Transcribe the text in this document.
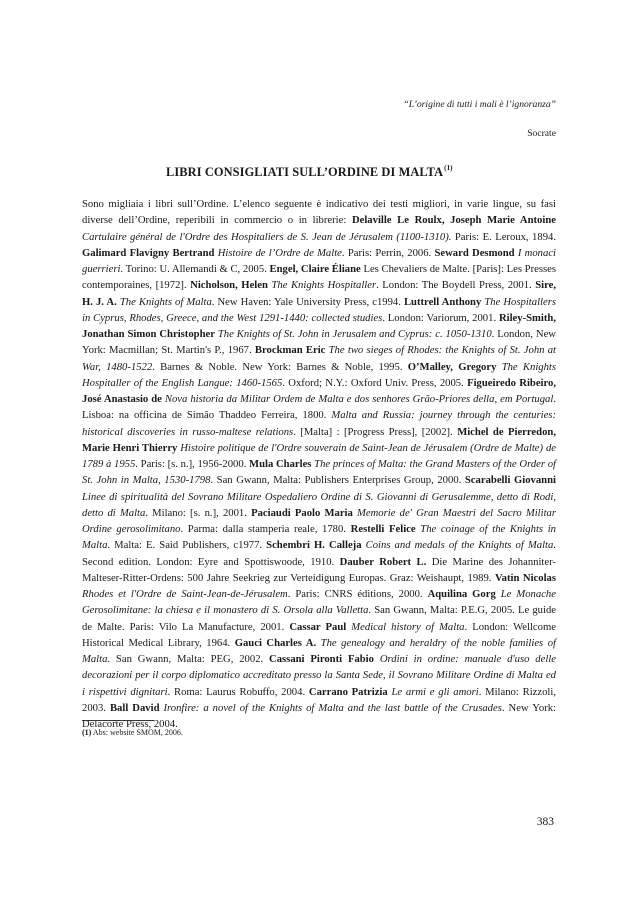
“L’origine di tutti i mali è l’ignoranza”
Socrate
LIBRI CONSIGLIATI SULL’ORDINE DI MALTA$^{(1)}$
Sono migliaia i libri sull’Ordine. L’elenco seguente è indicativo dei testi migliori, in varie lingue, su fasi diverse dell’Ordine, reperibili in commercio o in librerie: Delaville Le Roulx, Joseph Marie Antoine Cartulaire général de l'Ordre des Hospitaliers de S. Jean de Jérusalem (1100-1310). Paris: E. Leroux, 1894. Galimard Flavigny Bertrand Histoire de l’Ordre de Malte. Paris: Perrin, 2006. Seward Desmond I monaci guerrieri. Torino: U. Allemandi & C, 2005. Engel, Claire Éliane Les Chevaliers de Malte. [Paris]: Les Presses contemporaines, [1972]. Nicholson, Helen The Knights Hospitaller. London: The Boydell Press, 2001. Sire, H. J. A. The Knights of Malta. New Haven: Yale University Press, c1994. Luttrell Anthony The Hospitallers in Cyprus, Rhodes, Greece, and the West 1291-1440: collected studies. London: Variorum, 2001. Riley-Smith, Jonathan Simon Christopher The Knights of St. John in Jerusalem and Cyprus: c. 1050-1310. London, New York: Macmillan; St. Martin's P., 1967. Brockman Eric The two sieges of Rhodes: the Knights of St. John at War, 1480-1522. Barnes & Noble. New York: Barnes & Noble, 1995. O’Malley, Gregory The Knights Hospitaller of the English Langue: 1460-1565. Oxford; N.Y.: Oxford Univ. Press, 2005. Figueiredo Ribeiro, José Anastasio de Nova historia da Militar Ordem de Malta e dos senhores Grão-Priores della, em Portugal. Lisboa: na officina de Simão Thaddeo Ferreira, 1800. Malta and Russia: journey through the centuries: historical discoveries in russo-maltese relations. [Malta] : [Progress Press], [2002]. Michel de Pierredon, Marie Henri Thierry Histoire politique de l'Ordre souverain de Saint-Jean de Jérusalem (Ordre de Malte) de 1789 à 1955. Paris: [s. n.], 1956-2000. Mula Charles The princes of Malta: the Grand Masters of the Order of St. John in Malta, 1530-1798. San Gwann, Malta: Publishers Enterprises Group, 2000. Scarabelli Giovanni Linee di spiritualità del Sovrano Militare Ospedaliero Ordine di S. Giovanni di Gerusalemme, detto di Rodi, detto di Malta. Milano: [s. n.], 2001. Paciaudi Paolo Maria Memorie de' Gran Maestri del Sacro Militar Ordine gerosolimitano. Parma: dalla stamperia reale, 1780. Restelli Felice The coinage of the Knights in Malta. Malta: E. Said Publishers, c1977. Schembri H. Calleja Coins and medals of the Knights of Malta. Second edition. London: Eyre and Spottiswoode, 1910. Dauber Robert L. Die Marine des Johanniter-Malteser-Ritter-Ordens: 500 Jahre Seekrieg zur Verteidigung Europas. Graz: Weishaupt, 1989. Vatin Nicolas Rhodes et l'Ordre de Saint-Jean-de-Jérusalem. Paris: CNRS éditions, 2000. Aquilina Gorg Le Monache Gerosolimitane: la chiesa e il monastero di S. Orsola alla Valletta. San Gwann, Malta: P.E.G, 2005. Le guide de Malte. Paris: Vilo La Manufacture, 2001. Cassar Paul Medical history of Malta. London: Wellcome Historical Medical Library, 1964. Gauci Charles A. The genealogy and heraldry of the noble families of Malta. San Gwann, Malta: PEG, 2002. Cassani Pironti Fabio Ordini in ordine: manuale d'uso delle decorazioni per il corpo diplomatico accreditato presso la Santa Sede, il Sovrano Militare Ordine di Malta ed i rispettivi dignitari. Roma: Laurus Robuffo, 2004. Carrano Patrizia Le armi e gli amori. Milano: Rizzoli, 2003. Ball David Ironfire: a novel of the Knights of Malta and the last battle of the Crusades. New York: Delacorte Press, 2004.
(1) Abs: website SMOM, 2006.
383
